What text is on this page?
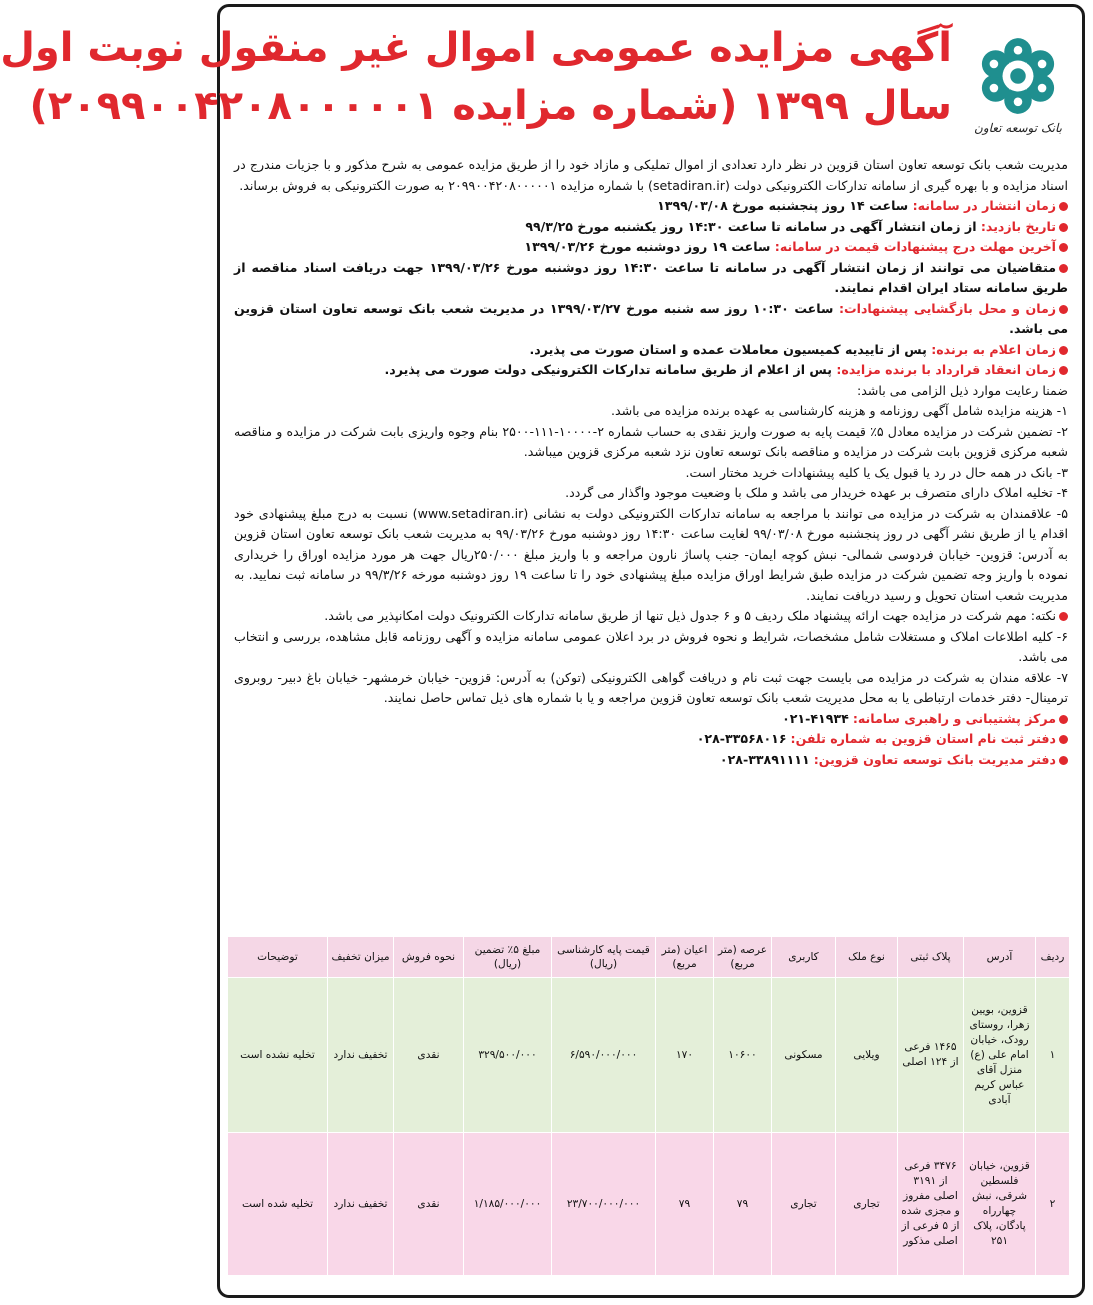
بانک توسعه تعاون
آگهی مزایده عمومی اموال غیر منقول نوبت اول
سال ۱۳۹۹ (شماره مزایده ۲۰۹۹۰۰۴۲۰۸۰۰۰۰۰۱)

مدیریت شعب بانک توسعه تعاون استان قزوین در نظر دارد تعدادی از اموال تملیکی و مازاد خود را از طریق مزایده عمومی به شرح مذکور و با جزیات مندرج در اسناد مزایده و با بهره گیری از سامانه تدارکات الکترونیکی دولت (setadiran.ir) با شماره مزایده ۲۰۹۹۰۰۴۲۰۸۰۰۰۰۰۱ به صورت الکترونیکی به فروش برساند.

زمان انتشار در سامانه: ساعت ۱۴ روز پنجشنبه مورخ ۱۳۹۹/۰۳/۰۸

تاریخ بازدید: از زمان انتشار آگهی در سامانه تا ساعت ۱۴:۳۰ روز یکشنبه مورخ ۹۹/۳/۲۵

آخرین مهلت درج پیشنهادات قیمت در سامانه: ساعت ۱۹ روز دوشنبه مورخ ۱۳۹۹/۰۳/۲۶

متقاضیان می توانند از زمان انتشار آگهی در سامانه تا ساعت ۱۴:۳۰ روز دوشنبه مورخ ۱۳۹۹/۰۳/۲۶ جهت دریافت اسناد مناقصه از طریق سامانه ستاد ایران اقدام نمایند.

زمان و محل بازگشایی پیشنهادات: ساعت ۱۰:۳۰ روز سه شنبه مورخ ۱۳۹۹/۰۳/۲۷ در مدیریت شعب بانک توسعه تعاون استان قزوین می باشد.

زمان اعلام به برنده: پس از تاییدیه کمیسیون معاملات عمده و استان صورت می پذیرد.

زمان انعقاد قرارداد با برنده مزایده: پس از اعلام از طریق سامانه تدارکات الکترونیکی دولت صورت می پذیرد.

ضمنا رعایت موارد ذیل الزامی می باشد:

۱- هزینه مزایده شامل آگهی روزنامه و هزینه کارشناسی به عهده برنده مزایده می باشد.

۲- تضمین شرکت در مزایده معادل ۵٪ قیمت پایه به صورت واریز نقدی به حساب شماره ۲-۱۰۰۰۰-۱۱۱-۲۵۰۰ بنام وجوه واریزی بابت شرکت در مزایده و مناقصه شعبه مرکزی قزوین بابت شرکت در مزایده و مناقصه بانک توسعه تعاون نزد شعبه مرکزی قزوین میباشد.

۳- بانک در همه حال در رد یا قبول یک یا کلیه پیشنهادات خرید مختار است.

۴- تخلیه املاک دارای متصرف بر عهده خریدار می باشد و ملک با وضعیت موجود واگذار می گردد.

۵- علاقمندان به شرکت در مزایده می توانند با مراجعه به سامانه تدارکات الکترونیکی دولت به نشانی (www.setadiran.ir) نسبت به درج مبلغ پیشنهادی خود اقدام یا از طریق نشر آگهی در روز پنجشنبه مورخ ۹۹/۰۳/۰۸ لغایت ساعت ۱۴:۳۰ روز دوشنبه مورخ ۹۹/۰۳/۲۶ به مدیریت شعب بانک توسعه تعاون استان قزوین به آدرس: قزوین- خیابان فردوسی شمالی- نبش کوچه ایمان- جنب پاساژ نارون مراجعه و با واریز مبلغ ۲۵۰/۰۰۰ریال جهت هر مورد مزایده اوراق را خریداری نموده با واریز وجه تضمین شرکت در مزایده طبق شرایط اوراق مزایده مبلغ پیشنهادی خود را تا ساعت ۱۹ روز دوشنبه مورخه ۹۹/۳/۲۶ در سامانه ثبت نمایید. به مدیریت شعب استان تحویل و رسید دریافت نمایند.

نکته: مهم شرکت در مزایده جهت ارائه پیشنهاد ملک ردیف ۵ و ۶ جدول ذیل تنها از طریق سامانه تدارکات الکترونیک دولت امکانپذیر می باشد.

۶- کلیه اطلاعات املاک و مستغلات شامل مشخصات، شرایط و نحوه فروش در برد اعلان عمومی سامانه مزایده و آگهی روزنامه قابل مشاهده، بررسی و انتخاب می باشد.

۷- علاقه مندان به شرکت در مزایده می بایست جهت ثبت نام و دریافت گواهی الکترونیکی (توکن) به آدرس: قزوین- خیابان خرمشهر- خیابان باغ دبیر- روبروی ترمینال- دفتر خدمات ارتباطی یا به محل مدیریت شعب بانک توسعه تعاون قزوین مراجعه و یا با شماره های ذیل تماس حاصل نمایند.

مرکز پشتیبانی و راهبری سامانه: ۴۱۹۳۴-۰۲۱

دفتر ثبت نام استان قزوین به شماره تلفن: ۳۳۵۶۸۰۱۶-۰۲۸

دفتر مدیریت بانک توسعه تعاون قزوین: ۳۳۸۹۱۱۱۱-۰۲۸

ردیف	آدرس	پلاک ثبتی	نوع ملک	کاربری	عرصه (متر مربع)	اعیان (متر مربع)	قیمت پایه کارشناسی (ریال)	مبلغ ۵٪ تضمین (ریال)	نحوه فروش	میزان تخفیف	توضیحات
۱	قزوین، بویین زهرا، روستای رودک، خیابان امام علی (ع) منزل آقای عباس کریم آبادی	۱۴۶۵ فرعی از ۱۲۴ اصلی	ویلایی	مسکونی	۱۰۶۰۰	۱۷۰	۶/۵۹۰/۰۰۰/۰۰۰	۳۲۹/۵۰۰/۰۰۰	نقدی	تخفیف ندارد	تخلیه نشده است
۲	قزوین، خیابان فلسطین شرقی، نبش چهارراه پادگان، پلاک ۲۵۱	۳۴۷۶ فرعی از ۳۱۹۱ اصلی مفروز و مجزی شده از ۵ فرعی از اصلی مذکور	تجاری	تجاری	۷۹	۷۹	۲۳/۷۰۰/۰۰۰/۰۰۰	۱/۱۸۵/۰۰۰/۰۰۰	نقدی	تخفیف ندارد	تخلیه شده است
